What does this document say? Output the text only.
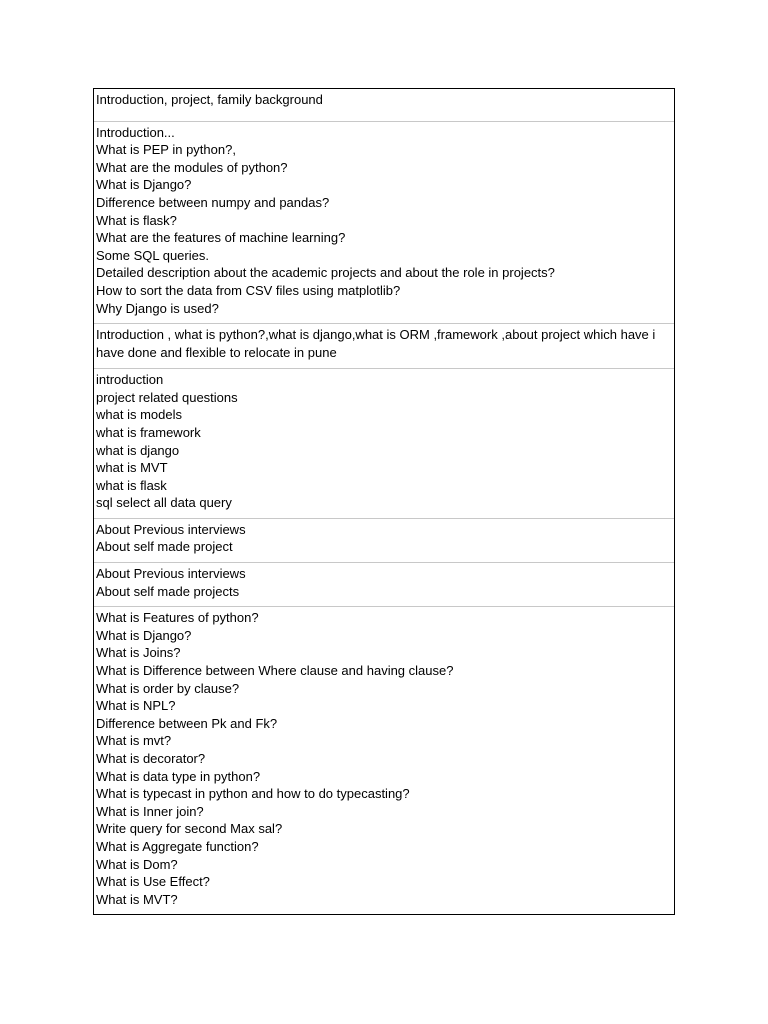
Introduction, project, family background
Introduction...
What is PEP in python?,
What are the modules of python?
What is Django?
Difference between numpy and pandas?
What is flask?
What are the features of machine learning?
Some SQL queries.
Detailed description about the academic projects and about the role in projects?
How to sort the data from CSV files using matplotlib?
Why Django is used?
Introduction , what is python?,what is django,what is ORM ,framework ,about project which have i have done and flexible to relocate in pune
introduction
project related questions
what is models
what is framework
what is django
what is MVT
what is flask
sql select all data query
About Previous interviews
About self made project
About Previous interviews
About self made projects
What is Features of python?
What is Django?
What is Joins?
What is Difference between Where clause and having clause?
What is order by clause?
What is NPL?
Difference between Pk and Fk?
What is mvt?
What is decorator?
What is data type in python?
What is typecast in python and how to do typecasting?
What is Inner join?
Write query for second Max sal?
What is Aggregate function?
What is Dom?
What is Use Effect?
What is MVT?
